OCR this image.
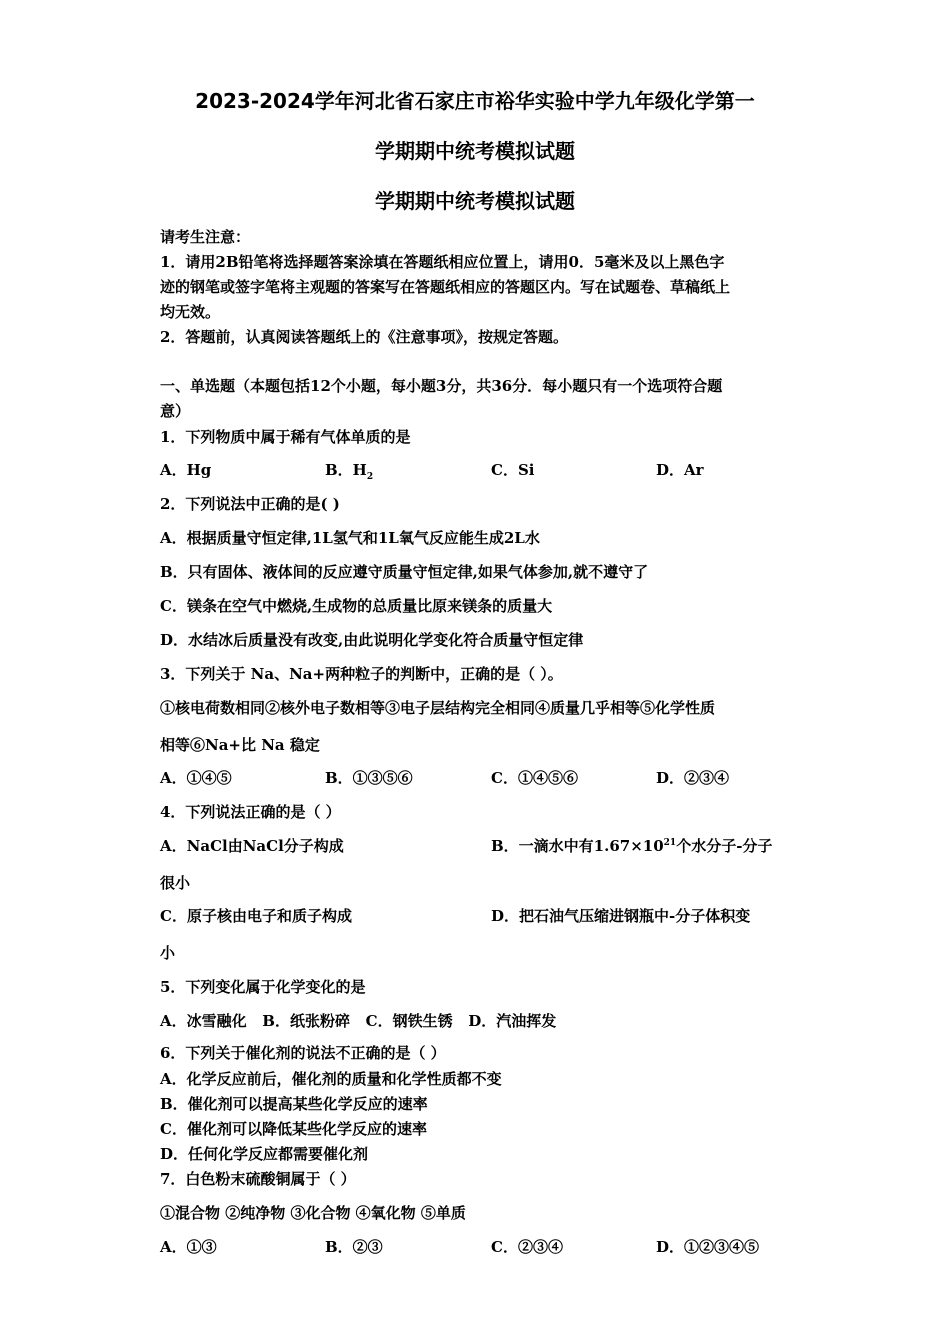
2023-2024学年河北省石家庄市裕华实验中学九年级化学第一
学期期中统考模拟试题
学期期中统考模拟试题
请考生注意：
1．请用2B铅笔将选择题答案涂填在答题纸相应位置上，请用0．5毫米及以上黑色字
迹的钢笔或签字笔将主观题的答案写在答题纸相应的答题区内。写在试题卷、草稿纸上
均无效。
2．答题前，认真阅读答题纸上的《注意事项》，按规定答题。
一、单选题（本题包括12个小题，每小题3分，共36分．每小题只有一个选项符合题
意）
1．下列物质中属于稀有气体单质的是
A．Hg	B．$H_2$	C．Si	D．Ar
2．下列说法中正确的是( )
A．根据质量守恒定律,1L氢气和1L氧气反应能生成2L水
B．只有固体、液体间的反应遵守质量守恒定律,如果气体参加,就不遵守了
C．镁条在空气中燃烧,生成物的总质量比原来镁条的质量大
D．水结冰后质量没有改变,由此说明化学变化符合质量守恒定律
3．下列关于 Na、Na+两种粒子的判断中，正确的是（ ）。
①核电荷数相同②核外电子数相等③电子层结构完全相同④质量几乎相等⑤化学性质
相等⑥Na+比 Na 稳定
A．①④⑤	B．①③⑤⑥	C．①④⑤⑥	D．②③④
4．下列说法正确的是（ ）
A．NaCl由NaCl分子构成	B．一滴水中有$1.67\times 10^{21}$个水分子-分子
很小
C．原子核由电子和质子构成	D．把石油气压缩进钢瓶中-分子体积变
小
5．下列变化属于化学变化的是
A．冰雪融化   B．纸张粉碎   C．钢铁生锈   D．汽油挥发
6．下列关于催化剂的说法不正确的是（ ）
A．化学反应前后，催化剂的质量和化学性质都不变
B．催化剂可以提高某些化学反应的速率
C．催化剂可以降低某些化学反应的速率
D．任何化学反应都需要催化剂
7．白色粉末硫酸铜属于（ ）
①混合物 ②纯净物 ③化合物 ④氧化物 ⑤单质
A．①③	B．②③	C．②③④	D．①②③④⑤
